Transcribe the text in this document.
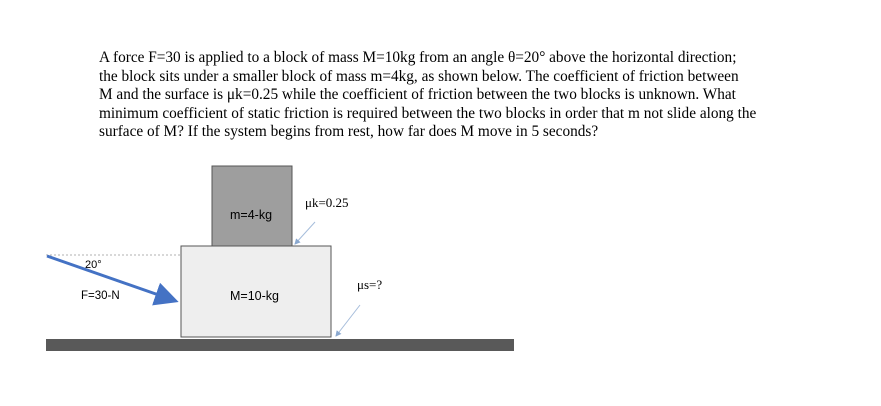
A force F=30 is applied to a block of mass M=10kg from an angle θ=20° above the horizontal direction;
the block sits under a smaller block of mass m=4kg, as shown below. The coefficient of friction between
M and the surface is μk=0.25 while the coefficient of friction between the two blocks is unknown. What
minimum coefficient of static friction is required between the two blocks in order that m not slide along the
surface of M? If the system begins from rest, how far does M move in 5 seconds?
M=10-kg
m=4-kg
20°
F=30-N
μk=0.25
μs=?
